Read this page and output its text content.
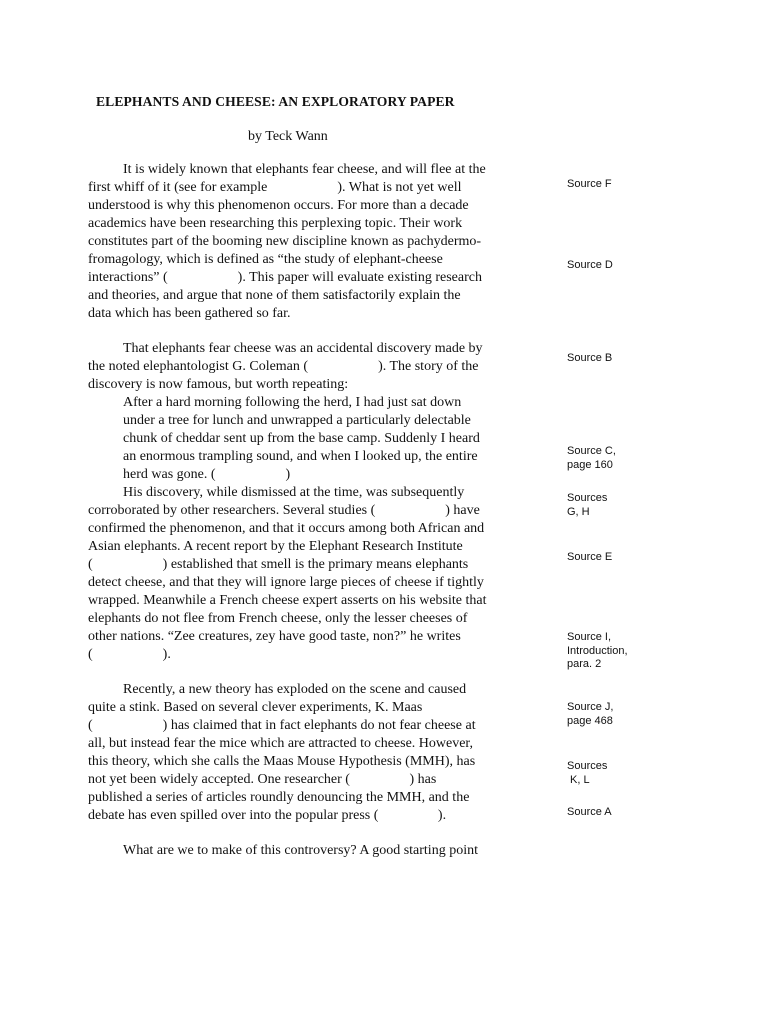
ELEPHANTS AND CHEESE: AN EXPLORATORY PAPER
by Teck Wann
It is widely known that elephants fear cheese, and will flee at the
first whiff of it (see for example                    ). What is not yet well
understood is why this phenomenon occurs. For more than a decade
academics have been researching this perplexing topic. Their work
constitutes part of the booming new discipline known as pachydermo-
fromagology, which is defined as “the study of elephant-cheese
interactions” (                    ). This paper will evaluate existing research
and theories, and argue that none of them satisfactorily explain the
data which has been gathered so far.
That elephants fear cheese was an accidental discovery made by
the noted elephantologist G. Coleman (                    ). The story of the
discovery is now famous, but worth repeating:
After a hard morning following the herd, I had just sat down
under a tree for lunch and unwrapped a particularly delectable
chunk of cheddar sent up from the base camp. Suddenly I heard
an enormous trampling sound, and when I looked up, the entire
herd was gone. (                    )
His discovery, while dismissed at the time, was subsequently
corroborated by other researchers. Several studies (                    ) have
confirmed the phenomenon, and that it occurs among both African and
Asian elephants. A recent report by the Elephant Research Institute
(                    ) established that smell is the primary means elephants
detect cheese, and that they will ignore large pieces of cheese if tightly
wrapped. Meanwhile a French cheese expert asserts on his website that
elephants do not flee from French cheese, only the lesser cheeses of
other nations. “Zee creatures, zey have good taste, non?” he writes
(                    ).
Recently, a new theory has exploded on the scene and caused
quite a stink. Based on several clever experiments, K. Maas
(                    ) has claimed that in fact elephants do not fear cheese at
all, but instead fear the mice which are attracted to cheese. However,
this theory, which she calls the Maas Mouse Hypothesis (MMH), has
not yet been widely accepted. One researcher (                 ) has
published a series of articles roundly denouncing the MMH, and the
debate has even spilled over into the popular press (                 ).
What are we to make of this controversy? A good starting point
Source F
Source D
Source B
Source C,
page 160
Sources
G, H
Source E
Source I,
Introduction,
para. 2
Source J,
page 468
Sources
K, L
Source A
